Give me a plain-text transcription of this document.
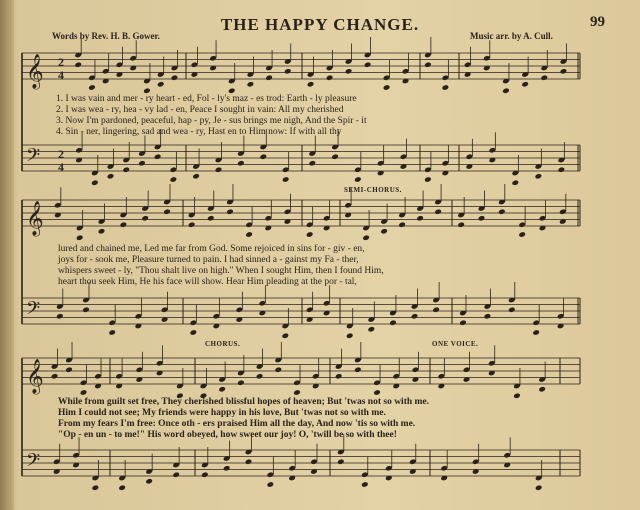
THE HAPPY CHANGE.	99
Words by Rev. H. B. Gower.	Music arr. by A. Cull.
𝄞
𝄢
2
4
2
4
𝄞
𝄢
𝄞
𝄢
SEMI-CHORUS.
CHORUS.	ONE VOICE.
1. I was vain and mer - ry heart - ed, Fol - ly's maz - es trod: Earth - ly pleasure
2. I was wea - ry, hea - vy lad - en, Peace I sought in vain: All my cherished
3. Now I'm pardoned, peaceful, hap - py, Je - sus brings me nigh, And the Spir - it
4. Sin - ner, lingering, sad and wea - ry, Hast en to Him now: If with all thy
lured and chained me, Led me far from God. Some rejoiced in sins for - giv - en,
joys for - sook me, Pleasure turned to pain. I had sinned a - gainst my Fa - ther,
whispers sweet - ly, "Thou shalt live on high." When I sought Him, then I found Him,
heart thou seek Him, He his face will show. Hear Him pleading at the por - tal,
While from guilt set free, They cherished blissful hopes of heaven; But 'twas not so with me.
Him I could not see; My friends were happy in his love, But 'twas not so with me.
From my fears I'm free: Once oth - ers praised Him all the day, And now 'tis so with me.
"Op - en un - to me!" His word obeyed, how sweet our joy! O, 'twill be so with thee!
